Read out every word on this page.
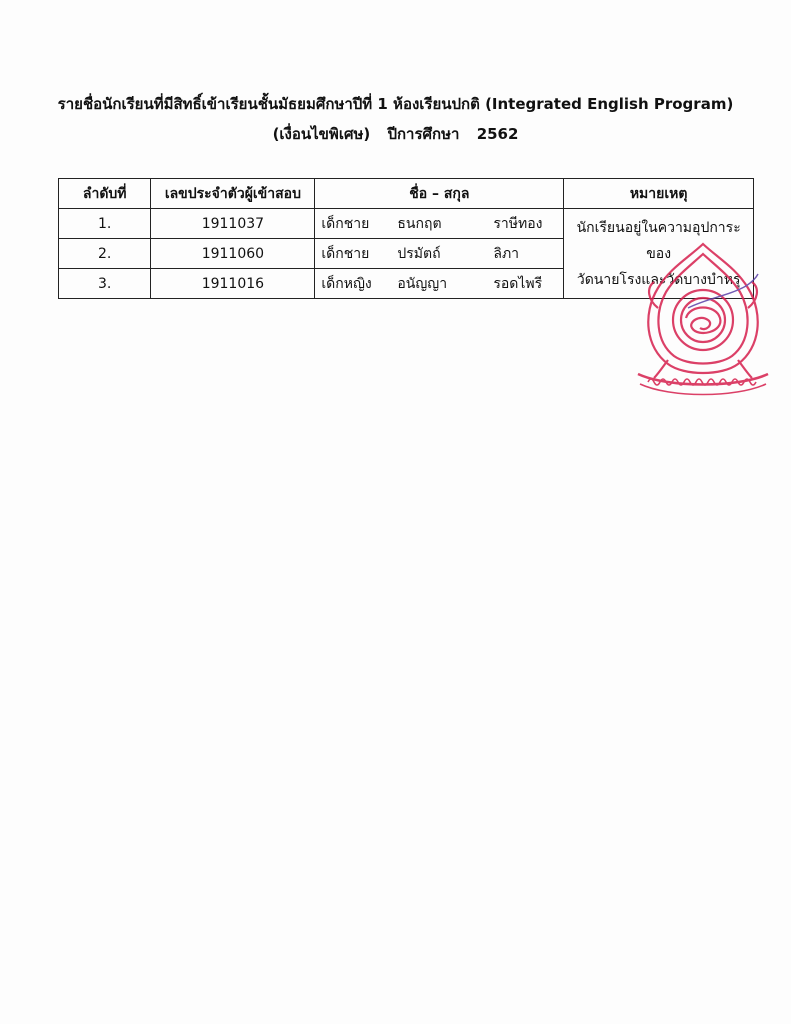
รายชื่อนักเรียนที่มีสิทธิ์เข้าเรียนชั้นมัธยมศึกษาปีที่ 1 ห้องเรียนปกติ (Integrated English Program)
(เงื่อนไขพิเศษ) ปีการศึกษา 2562
ลำดับที่	เลขประจำตัวผู้เข้าสอบ	ชื่อ – สกุล	หมายเหตุ
1.	1911037	เด็กชาย ธนกฤต ราษีทอง	นักเรียนอยู่ในความอุปการะของ
วัดนายโรงและวัดบางบำหรุ

2.	1911060	เด็กชาย ปรมัตถ์ ลิภา	

3.	1911016	เด็กหญิง อนัญญา รอดไพรี	
